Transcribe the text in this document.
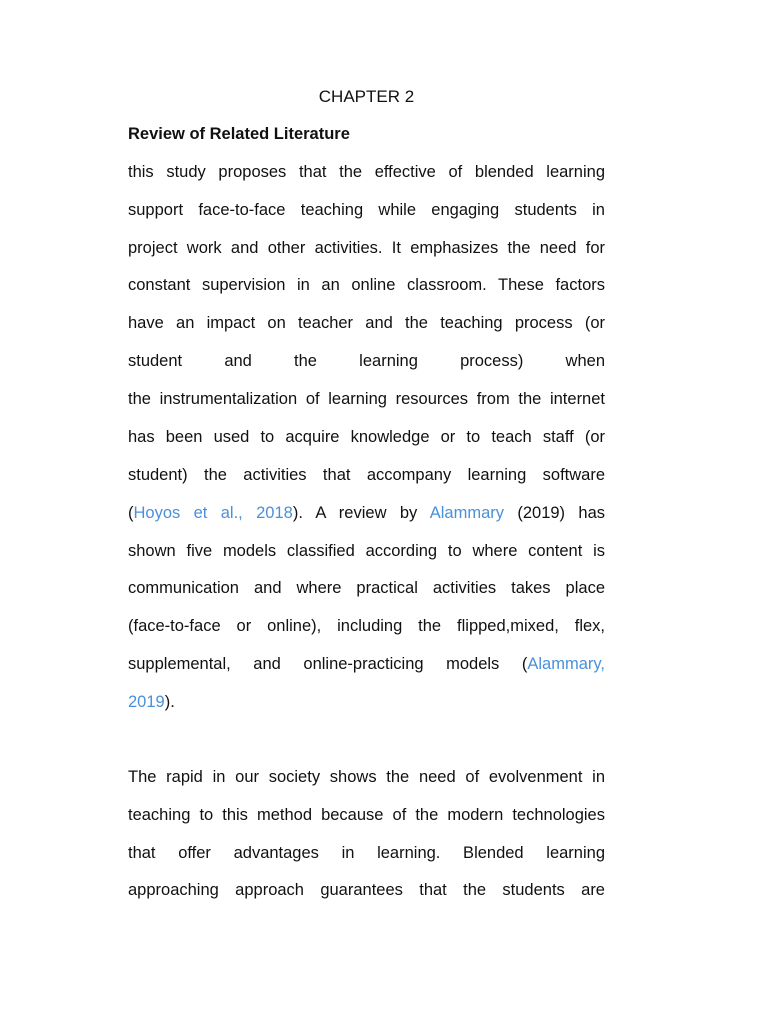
CHAPTER 2
Review of Related Literature
this study proposes that the effective of blended learning
support face-to-face teaching while engaging students in
project work and other activities. It emphasizes the need for
constant supervision in an online classroom. These factors
have an impact on teacher and the teaching process (or
student and the learning process) when
the instrumentalization of learning resources from the internet
has been used to acquire knowledge or to teach staff (or
student) the activities that accompany learning software
(Hoyos et al., 2018). A review by Alammary (2019) has
shown five models classified according to where content is
communication and where practical activities takes place
(face-to-face or online), including the flipped,mixed, flex,
supplemental, and online-practicing models (Alammary,
2019).
The rapid in our society shows the need of evolvenment in
teaching to this method because of the modern technologies
that offer advantages in learning. Blended learning
approaching approach guarantees that the students are
